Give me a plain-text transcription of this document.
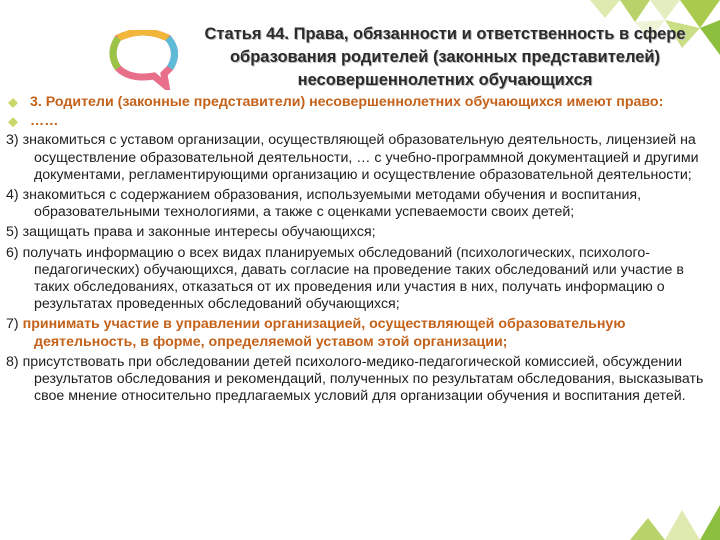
Статья 44. Права, обязанности и ответственность в сфере образования родителей (законных представителей) несовершеннолетних обучающихся
3. Родители (законные представители) несовершеннолетних обучающихся имеют право:
……
3) знакомиться с уставом организации, осуществляющей образовательную деятельность, лицензией на осуществление образовательной деятельности, … с учебно-программной документацией и другими документами, регламентирующими организацию и осуществление образовательной деятельности;
4) знакомиться с содержанием образования, используемыми методами обучения и воспитания, образовательными технологиями, а также с оценками успеваемости своих детей;
5) защищать права и законные интересы обучающихся;
6) получать информацию о всех видах планируемых обследований (психологических, психолого-педагогических) обучающихся, давать согласие на проведение таких обследований или участие в таких обследованиях, отказаться от их проведения или участия в них, получать информацию о результатах проведенных обследований обучающихся;
7) принимать участие в управлении организацией, осуществляющей образовательную деятельность, в форме, определяемой уставом этой организации;
8) присутствовать при обследовании детей психолого-медико-педагогической комиссией, обсуждении результатов обследования и рекомендаций, полученных по результатам обследования, высказывать свое мнение относительно предлагаемых условий для организации обучения и воспитания детей.
